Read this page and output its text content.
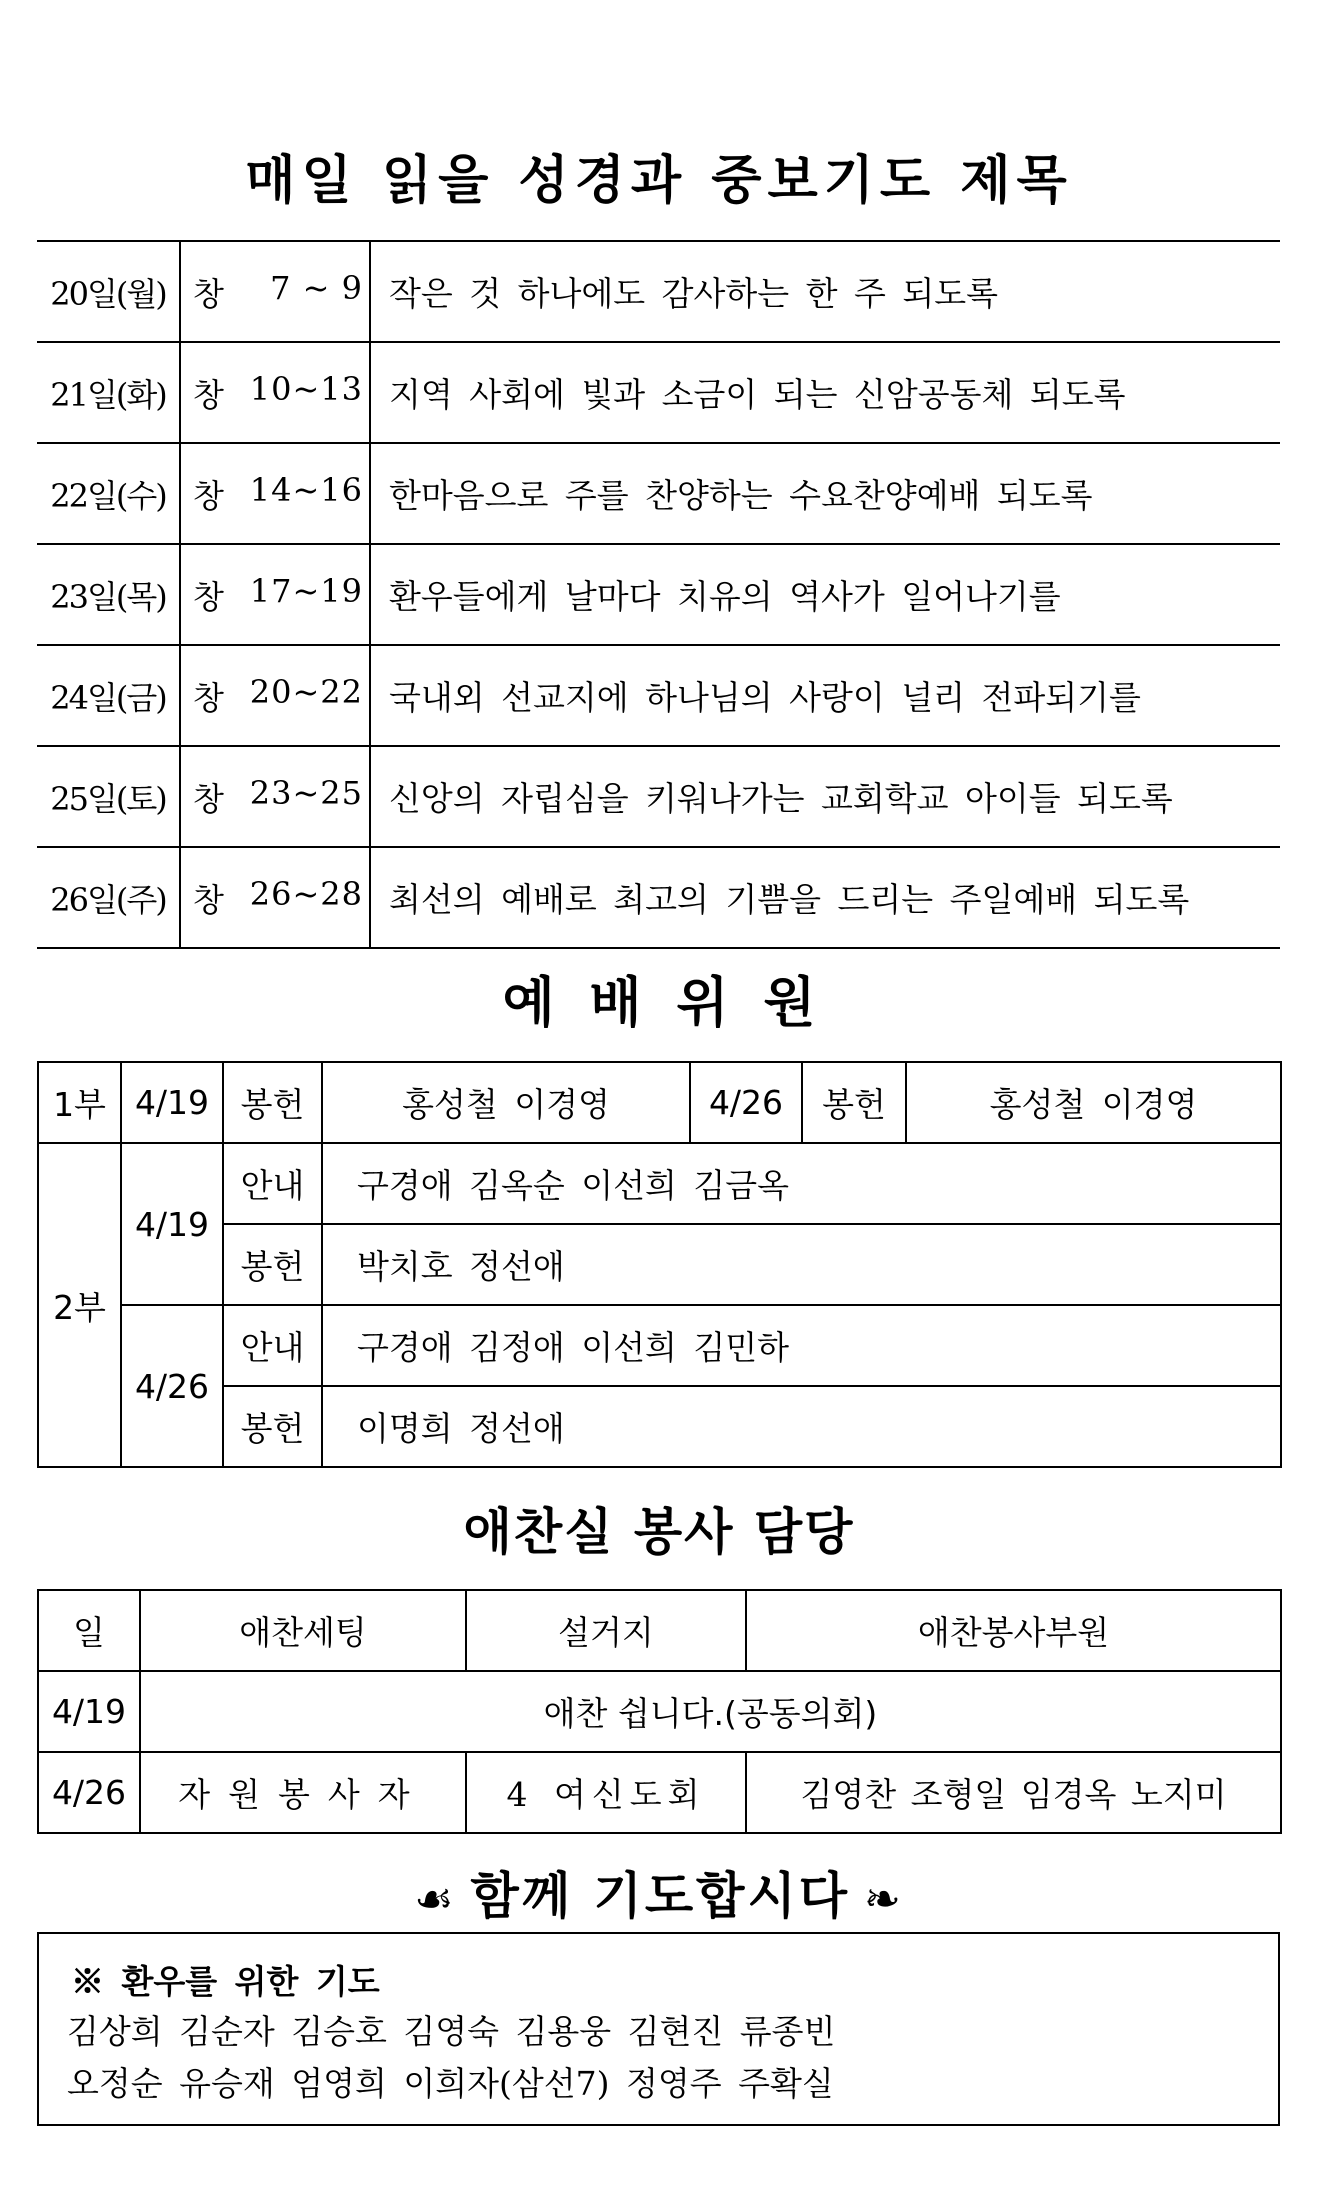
매일 읽을 성경과 중보기도 제목
20일(월)	창 7 ~ 9	작은 것 하나에도 감사하는 한 주 되도록
21일(화)	창 10~13	지역 사회에 빛과 소금이 되는 신암공동체 되도록
22일(수)	창 14~16	한마음으로 주를 찬양하는 수요찬양예배 되도록
23일(목)	창 17~19	환우들에게 날마다 치유의 역사가 일어나기를
24일(금)	창 20~22	국내외 선교지에 하나님의 사랑이 널리 전파되기를
25일(토)	창 23~25	신앙의 자립심을 키워나가는 교회학교 아이들 되도록
26일(주)	창 26~28	최선의 예배로 최고의 기쁨을 드리는 주일예배 되도록
예 배 위 원
1부	4/19	봉헌	홍성철 이경영	4/26	봉헌	홍성철 이경영
2부	4/19	안내	구경애 김옥순 이선희 김금옥			
		봉헌	박치호 정선애			
	4/26	안내	구경애 김정애 이선희 김민하			
		봉헌	이명희 정선애			
애찬실 봉사 담당
일	애찬세팅	설거지	애찬봉사부원
4/19	애찬 쉽니다.(공동의회)		
4/26	자원봉사자	4 여신도회	김영찬 조형일 임경옥 노지미
☙ 함께 기도합시다 ❧
※ 환우를 위한 기도
김상희 김순자 김승호 김영숙 김용웅 김현진 류종빈
오정순 유승재 엄영희 이희자(삼선7) 정영주 주확실
